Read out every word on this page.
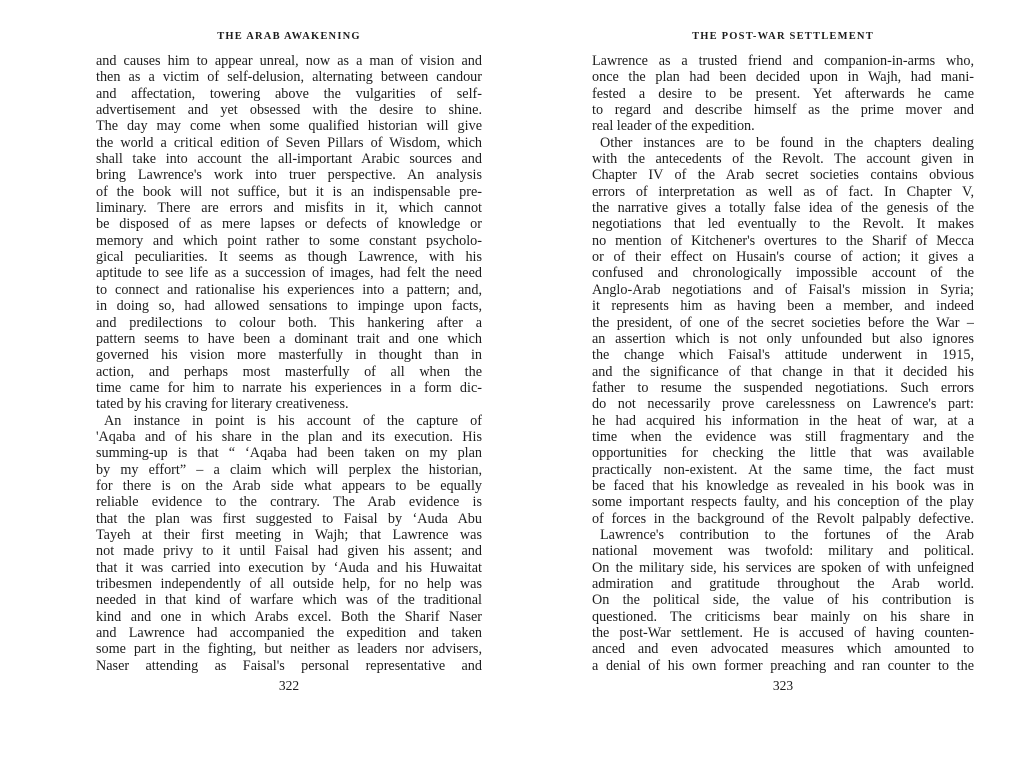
THE ARAB AWAKENING
and causes him to appear unreal, now as a man of vision and
then as a victim of self-delusion, alternating between candour
and affectation, towering above the vulgarities of self-
advertisement and yet obsessed with the desire to shine.
The day may come when some qualified historian will give
the world a critical edition of Seven Pillars of Wisdom, which
shall take into account the all-important Arabic sources and
bring Lawrence's work into truer perspective. An analysis
of the book will not suffice, but it is an indispensable pre-
liminary. There are errors and misfits in it, which cannot
be disposed of as mere lapses or defects of knowledge or
memory and which point rather to some constant psycholo-
gical peculiarities. It seems as though Lawrence, with his
aptitude to see life as a succession of images, had felt the need
to connect and rationalise his experiences into a pattern; and,
in doing so, had allowed sensations to impinge upon facts,
and predilections to colour both. This hankering after a
pattern seems to have been a dominant trait and one which
governed his vision more masterfully in thought than in
action, and perhaps most masterfully of all when the
time came for him to narrate his experiences in a form dic-
tated by his craving for literary creativeness.
An instance in point is his account of the capture of
'Aqaba and of his share in the plan and its execution. His
summing-up is that “ ‘Aqaba had been taken on my plan
by my effort” – a claim which will perplex the historian,
for there is on the Arab side what appears to be equally
reliable evidence to the contrary. The Arab evidence is
that the plan was first suggested to Faisal by ‘Auda Abu
Tayeh at their first meeting in Wajh; that Lawrence was
not made privy to it until Faisal had given his assent; and
that it was carried into execution by ‘Auda and his Huwaitat
tribesmen independently of all outside help, for no help was
needed in that kind of warfare which was of the traditional
kind and one in which Arabs excel. Both the Sharif Naser
and Lawrence had accompanied the expedition and taken
some part in the fighting, but neither as leaders nor advisers,
Naser attending as Faisal's personal representative and
322
THE POST-WAR SETTLEMENT
Lawrence as a trusted friend and companion-in-arms who,
once the plan had been decided upon in Wajh, had mani-
fested a desire to be present. Yet afterwards he came
to regard and describe himself as the prime mover and
real leader of the expedition.
Other instances are to be found in the chapters dealing
with the antecedents of the Revolt. The account given in
Chapter IV of the Arab secret societies contains obvious
errors of interpretation as well as of fact. In Chapter V,
the narrative gives a totally false idea of the genesis of the
negotiations that led eventually to the Revolt. It makes
no mention of Kitchener's overtures to the Sharif of Mecca
or of their effect on Husain's course of action; it gives a
confused and chronologically impossible account of the
Anglo-Arab negotiations and of Faisal's mission in Syria;
it represents him as having been a member, and indeed
the president, of one of the secret societies before the War –
an assertion which is not only unfounded but also ignores
the change which Faisal's attitude underwent in 1915,
and the significance of that change in that it decided his
father to resume the suspended negotiations. Such errors
do not necessarily prove carelessness on Lawrence's part:
he had acquired his information in the heat of war, at a
time when the evidence was still fragmentary and the
opportunities for checking the little that was available
practically non-existent. At the same time, the fact must
be faced that his knowledge as revealed in his book was in
some important respects faulty, and his conception of the play
of forces in the background of the Revolt palpably defective.
Lawrence's contribution to the fortunes of the Arab
national movement was twofold: military and political.
On the military side, his services are spoken of with unfeigned
admiration and gratitude throughout the Arab world.
On the political side, the value of his contribution is
questioned. The criticisms bear mainly on his share in
the post-War settlement. He is accused of having counten-
anced and even advocated measures which amounted to
a denial of his own former preaching and ran counter to the
323
